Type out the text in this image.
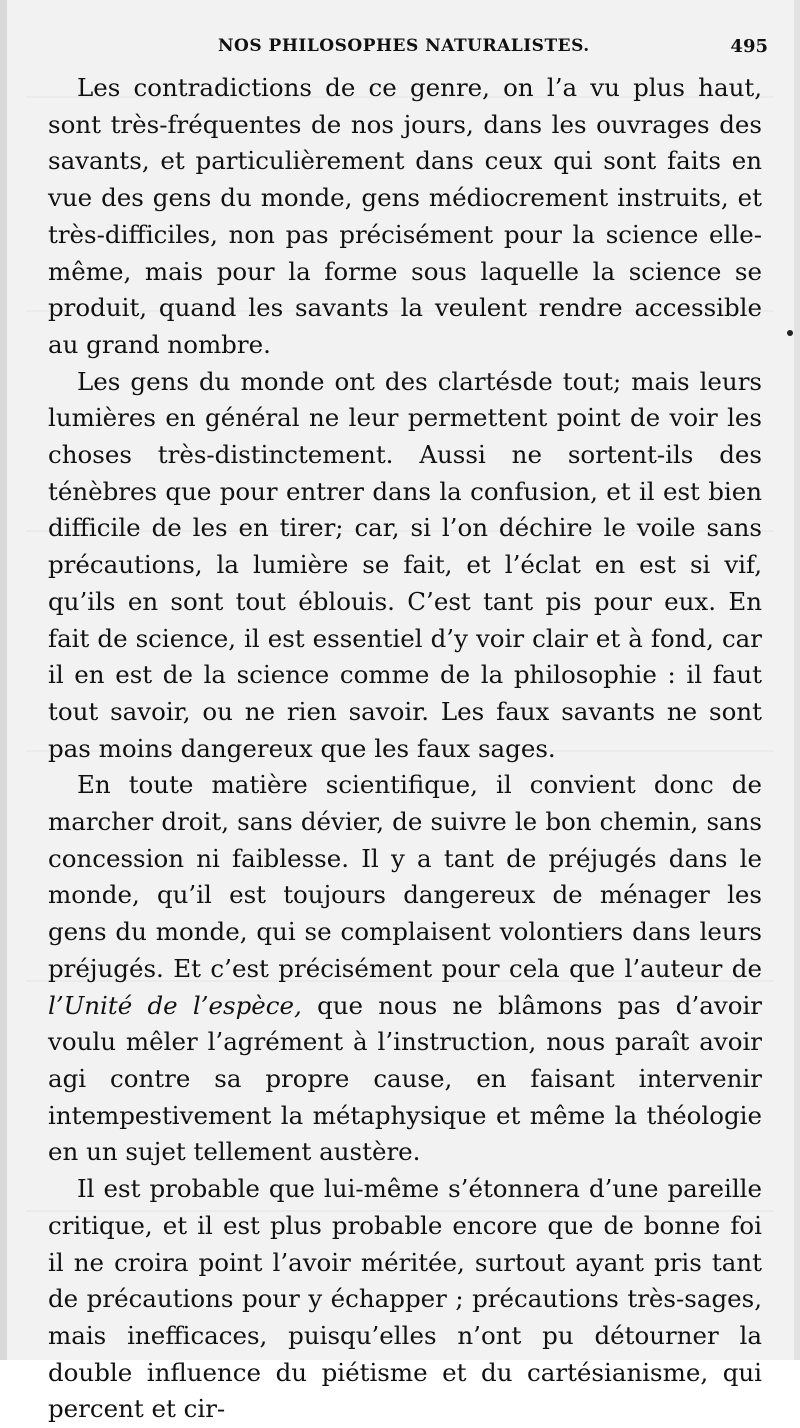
NOS PHILOSOPHES NATURALISTES.	495

Les contradictions de ce genre, on l’a vu plus haut, sont très-fréquentes de nos jours, dans les ouvrages des savants, et particulièrement dans ceux qui sont faits en vue des gens du monde, gens médiocrement instruits, et très-difficiles, non pas précisément pour la science elle-même, mais pour la forme sous laquelle la science se produit, quand les savants la veulent rendre accessible au grand nombre.

Les gens du monde ont des clartésde tout; mais leurs lumières en général ne leur permettent point de voir les choses très-distinctement. Aussi ne sortent-ils des ténèbres que pour entrer dans la confusion, et il est bien difficile de les en tirer; car, si l’on déchire le voile sans précautions, la lumière se fait, et l’éclat en est si vif, qu’ils en sont tout éblouis. C’est tant pis pour eux. En fait de science, il est essentiel d’y voir clair et à fond, car il en est de la science comme de la philosophie : il faut tout savoir, ou ne rien savoir. Les faux savants ne sont pas moins dangereux que les faux sages.

En toute matière scientifique, il convient donc de marcher droit, sans dévier, de suivre le bon chemin, sans concession ni faiblesse. Il y a tant de préjugés dans le monde, qu’il est toujours dangereux de ménager les gens du monde, qui se complaisent volontiers dans leurs préjugés. Et c’est précisément pour cela que l’auteur de l’Unité de l’espèce, que nous ne blâmons pas d’avoir voulu mêler l’agrément à l’instruction, nous paraît avoir agi contre sa propre cause, en faisant intervenir intempestivement la métaphysique et même la théologie en un sujet tellement austère.

Il est probable que lui-même s’étonnera d’une pareille critique, et il est plus probable encore que de bonne foi il ne croira point l’avoir méritée, surtout ayant pris tant de précautions pour y échapper ; précautions très-sages, mais inefficaces, puisqu’elles n’ont pu détourner la double influence du piétisme et du cartésianisme, qui percent et cir-
